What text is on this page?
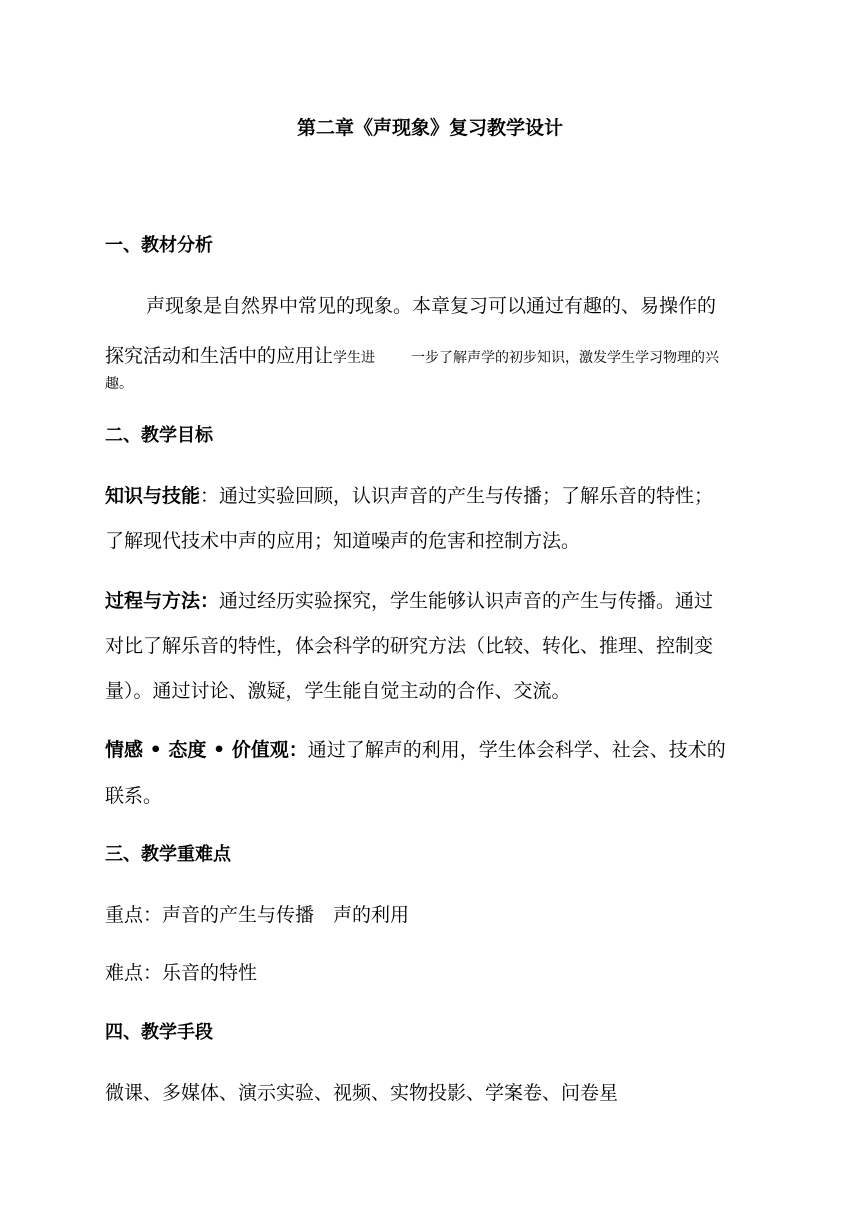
第二章《声现象》复习教学设计
一、教材分析
声现象是自然界中常见的现象。本章复习可以通过有趣的、易操作的
探究活动和生活中的应用让学生进	一步了解声学的初步知识，激发学生学习物理的兴
趣。
二、教学目标
知识与技能：通过实验回顾，认识声音的产生与传播；了解乐音的特性；
了解现代技术中声的应用；知道噪声的危害和控制方法。
过程与方法：通过经历实验探究，学生能够认识声音的产生与传播。通过
对比了解乐音的特性，体会科学的研究方法（比较、转化、推理、控制变
量）。通过讨论、激疑，学生能自觉主动的合作、交流。
情感 • 态度 • 价值观：通过了解声的利用，学生体会科学、社会、技术的
联系。
三、教学重难点
重点：声音的产生与传播　声的利用
难点：乐音的特性
四、教学手段
微课、多媒体、演示实验、视频、实物投影、学案卷、问卷星
